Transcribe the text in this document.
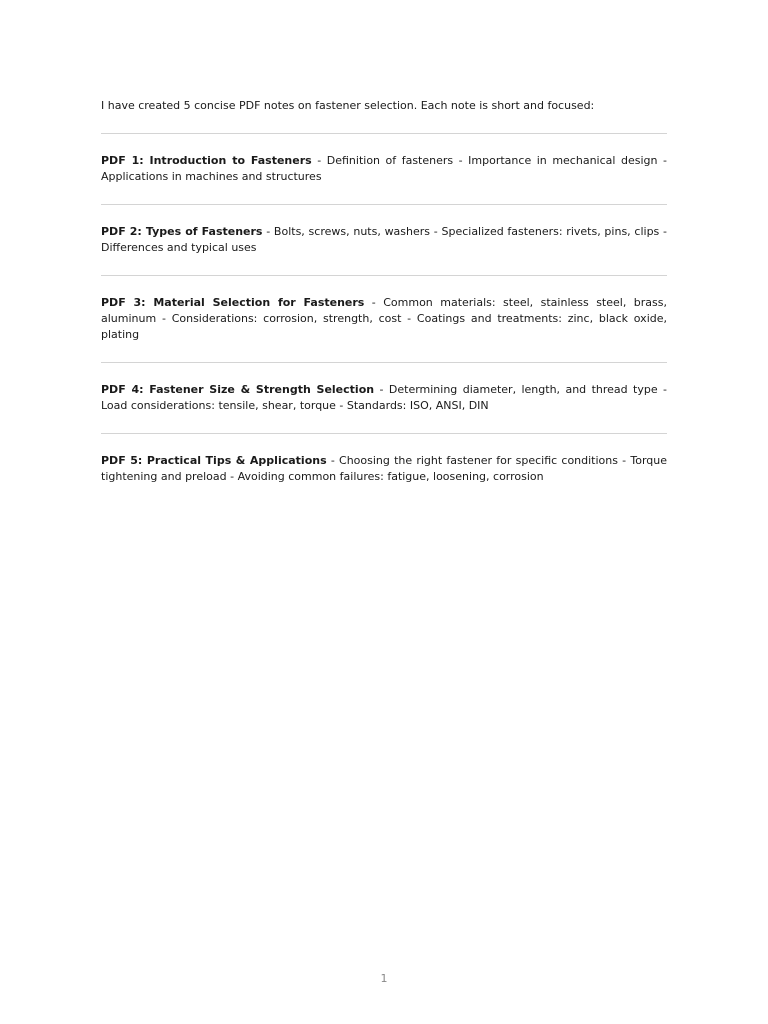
I have created 5 concise PDF notes on fastener selection. Each note is short and focused:

PDF 1: Introduction to Fasteners - Definition of fasteners - Importance in mechanical design - Applications in machines and structures

PDF 2: Types of Fasteners - Bolts, screws, nuts, washers - Specialized fasteners: rivets, pins, clips - Differences and typical uses

PDF 3: Material Selection for Fasteners - Common materials: steel, stainless steel, brass, aluminum - Considerations: corrosion, strength, cost - Coatings and treatments: zinc, black oxide, plating

PDF 4: Fastener Size & Strength Selection - Determining diameter, length, and thread type - Load considerations: tensile, shear, torque - Standards: ISO, ANSI, DIN

PDF 5: Practical Tips & Applications - Choosing the right fastener for specific conditions - Torque tightening and preload - Avoiding common failures: fatigue, loosening, corrosion

1
